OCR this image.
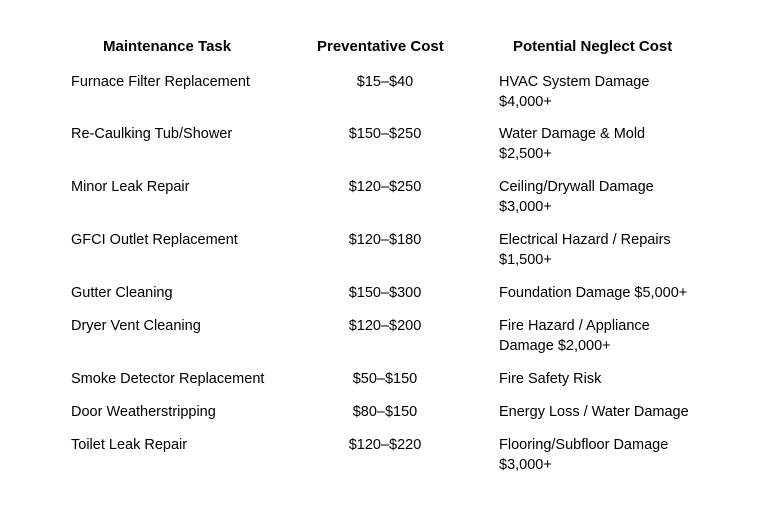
Maintenance Task	Preventative Cost	Potential Neglect Cost
Furnace Filter Replacement	$15–$40	HVAC System Damage
$4,000+
Re-Caulking Tub/Shower	$150–$250	Water Damage & Mold
$2,500+
Minor Leak Repair	$120–$250	Ceiling/Drywall Damage
$3,000+
GFCI Outlet Replacement	$120–$180	Electrical Hazard / Repairs
$1,500+
Gutter Cleaning	$150–$300	Foundation Damage $5,000+
Dryer Vent Cleaning	$120–$200	Fire Hazard / Appliance
Damage $2,000+
Smoke Detector Replacement	$50–$150	Fire Safety Risk
Door Weatherstripping	$80–$150	Energy Loss / Water Damage
Toilet Leak Repair	$120–$220	Flooring/Subfloor Damage
$3,000+
